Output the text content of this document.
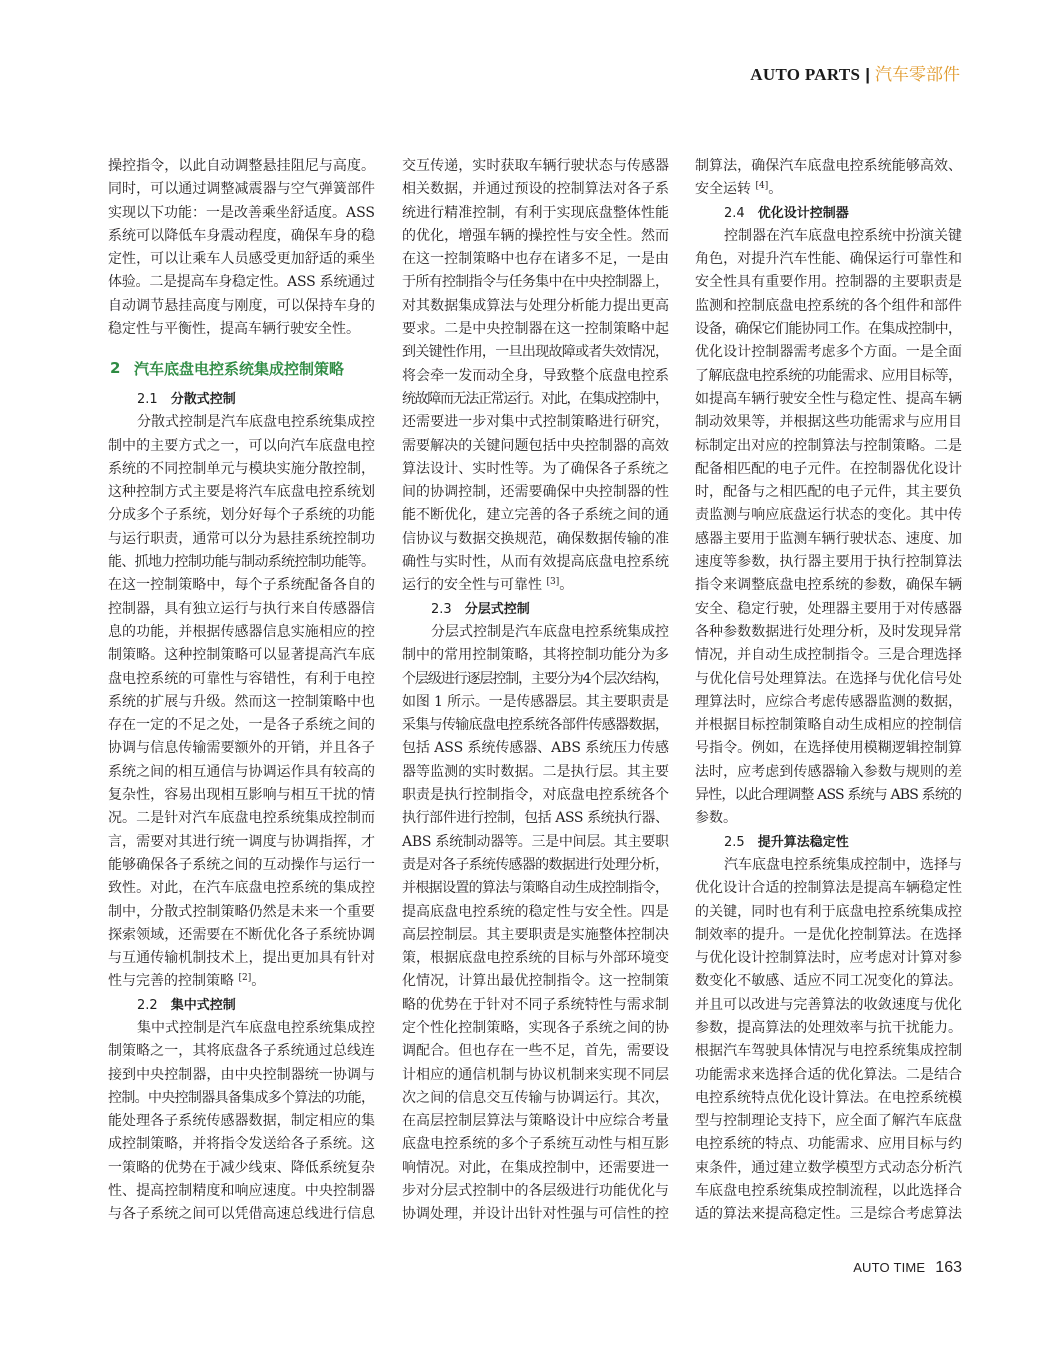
AUTO PARTS | 汽车零部件
操控指令，以此自动调整悬挂阻尼与高度。
同时，可以通过调整减震器与空气弹簧部件
实现以下功能：一是改善乘坐舒适度。ASS
系统可以降低车身震动程度，确保车身的稳
定性，可以让乘车人员感受更加舒适的乘坐
体验。二是提高车身稳定性。ASS 系统通过
自动调节悬挂高度与刚度，可以保持车身的
稳定性与平衡性，提高车辆行驶安全性。
2 汽车底盘电控系统集成控制策略
2.1 分散式控制
分散式控制是汽车底盘电控系统集成控
制中的主要方式之一，可以向汽车底盘电控
系统的不同控制单元与模块实施分散控制，
这种控制方式主要是将汽车底盘电控系统划
分成多个子系统，划分好每个子系统的功能
与运行职责，通常可以分为悬挂系统控制功
能、抓地力控制功能与制动系统控制功能等。
在这一控制策略中，每个子系统配备各自的
控制器，具有独立运行与执行来自传感器信
息的功能，并根据传感器信息实施相应的控
制策略。这种控制策略可以显著提高汽车底
盘电控系统的可靠性与容错性，有利于电控
系统的扩展与升级。然而这一控制策略中也
存在一定的不足之处，一是各子系统之间的
协调与信息传输需要额外的开销，并且各子
系统之间的相互通信与协调运作具有较高的
复杂性，容易出现相互影响与相互干扰的情
况。二是针对汽车底盘电控系统集成控制而
言，需要对其进行统一调度与协调指挥，才
能够确保各子系统之间的互动操作与运行一
致性。对此，在汽车底盘电控系统的集成控
制中，分散式控制策略仍然是未来一个重要
探索领域，还需要在不断优化各子系统协调
与互通传输机制技术上，提出更加具有针对
性与完善的控制策略 [2]。
2.2 集中式控制
集中式控制是汽车底盘电控系统集成控
制策略之一，其将底盘各子系统通过总线连
接到中央控制器，由中央控制器统一协调与
控制。中央控制器具备集成多个算法的功能，
能处理各子系统传感器数据，制定相应的集
成控制策略，并将指令发送给各子系统。这
一策略的优势在于减少线束、降低系统复杂
性、提高控制精度和响应速度。中央控制器
与各子系统之间可以凭借高速总线进行信息
交互传递，实时获取车辆行驶状态与传感器
相关数据，并通过预设的控制算法对各子系
统进行精准控制，有利于实现底盘整体性能
的优化，增强车辆的操控性与安全性。然而
在这一控制策略中也存在诸多不足，一是由
于所有控制指令与任务集中在中央控制器上，
对其数据集成算法与处理分析能力提出更高
要求。二是中央控制器在这一控制策略中起
到关键性作用，一旦出现故障或者失效情况，
将会牵一发而动全身，导致整个底盘电控系
统故障而无法正常运行。对此，在集成控制中，
还需要进一步对集中式控制策略进行研究，
需要解决的关键问题包括中央控制器的高效
算法设计、实时性等。为了确保各子系统之
间的协调控制，还需要确保中央控制器的性
能不断优化，建立完善的各子系统之间的通
信协议与数据交换规范，确保数据传输的准
确性与实时性，从而有效提高底盘电控系统
运行的安全性与可靠性 [3]。
2.3 分层式控制
分层式控制是汽车底盘电控系统集成控
制中的常用控制策略，其将控制功能分为多
个层级进行逐层控制，主要分为4个层次结构，
如图 1 所示。一是传感器层。其主要职责是
采集与传输底盘电控系统各部件传感器数据，
包括 ASS 系统传感器、ABS 系统压力传感
器等监测的实时数据。二是执行层。其主要
职责是执行控制指令，对底盘电控系统各个
执行部件进行控制，包括 ASS 系统执行器、
ABS 系统制动器等。三是中间层。其主要职
责是对各子系统传感器的数据进行处理分析，
并根据设置的算法与策略自动生成控制指令，
提高底盘电控系统的稳定性与安全性。四是
高层控制层。其主要职责是实施整体控制决
策，根据底盘电控系统的目标与外部环境变
化情况，计算出最优控制指令。这一控制策
略的优势在于针对不同子系统特性与需求制
定个性化控制策略，实现各子系统之间的协
调配合。但也存在一些不足，首先，需要设
计相应的通信机制与协议机制来实现不同层
次之间的信息交互传输与协调运行。其次，
在高层控制层算法与策略设计中应综合考量
底盘电控系统的多个子系统互动性与相互影
响情况。对此，在集成控制中，还需要进一
步对分层式控制中的各层级进行功能优化与
协调处理，并设计出针对性强与可信性的控
制算法，确保汽车底盘电控系统能够高效、
安全运转 [4]。
2.4 优化设计控制器
控制器在汽车底盘电控系统中扮演关键
角色，对提升汽车性能、确保运行可靠性和
安全性具有重要作用。控制器的主要职责是
监测和控制底盘电控系统的各个组件和部件
设备，确保它们能协同工作。在集成控制中，
优化设计控制器需考虑多个方面。一是全面
了解底盘电控系统的功能需求、应用目标等，
如提高车辆行驶安全性与稳定性、提高车辆
制动效果等，并根据这些功能需求与应用目
标制定出对应的控制算法与控制策略。二是
配备相匹配的电子元件。在控制器优化设计
时，配备与之相匹配的电子元件，其主要负
责监测与响应底盘运行状态的变化。其中传
感器主要用于监测车辆行驶状态、速度、加
速度等参数，执行器主要用于执行控制算法
指令来调整底盘电控系统的参数，确保车辆
安全、稳定行驶，处理器主要用于对传感器
各种参数数据进行处理分析，及时发现异常
情况，并自动生成控制指令。三是合理选择
与优化信号处理算法。在选择与优化信号处
理算法时，应综合考虑传感器监测的数据，
并根据目标控制策略自动生成相应的控制信
号指令。例如，在选择使用模糊逻辑控制算
法时，应考虑到传感器输入参数与规则的差
异性，以此合理调整 ASS 系统与 ABS 系统的
参数。
2.5 提升算法稳定性
汽车底盘电控系统集成控制中，选择与
优化设计合适的控制算法是提高车辆稳定性
的关键，同时也有利于底盘电控系统集成控
制效率的提升。一是优化控制算法。在选择
与优化设计控制算法时，应考虑对计算对参
数变化不敏感、适应不同工况变化的算法。
并且可以改进与完善算法的收敛速度与优化
参数，提高算法的处理效率与抗干扰能力。
根据汽车驾驶具体情况与电控系统集成控制
功能需求来选择合适的优化算法。二是结合
电控系统特点优化设计算法。在电控系统模
型与控制理论支持下，应全面了解汽车底盘
电控系统的特点、功能需求、应用目标与约
束条件，通过建立数学模型方式动态分析汽
车底盘电控系统集成控制流程，以此选择合
适的算法来提高稳定性。三是综合考虑算法
AUTO TIME 163
